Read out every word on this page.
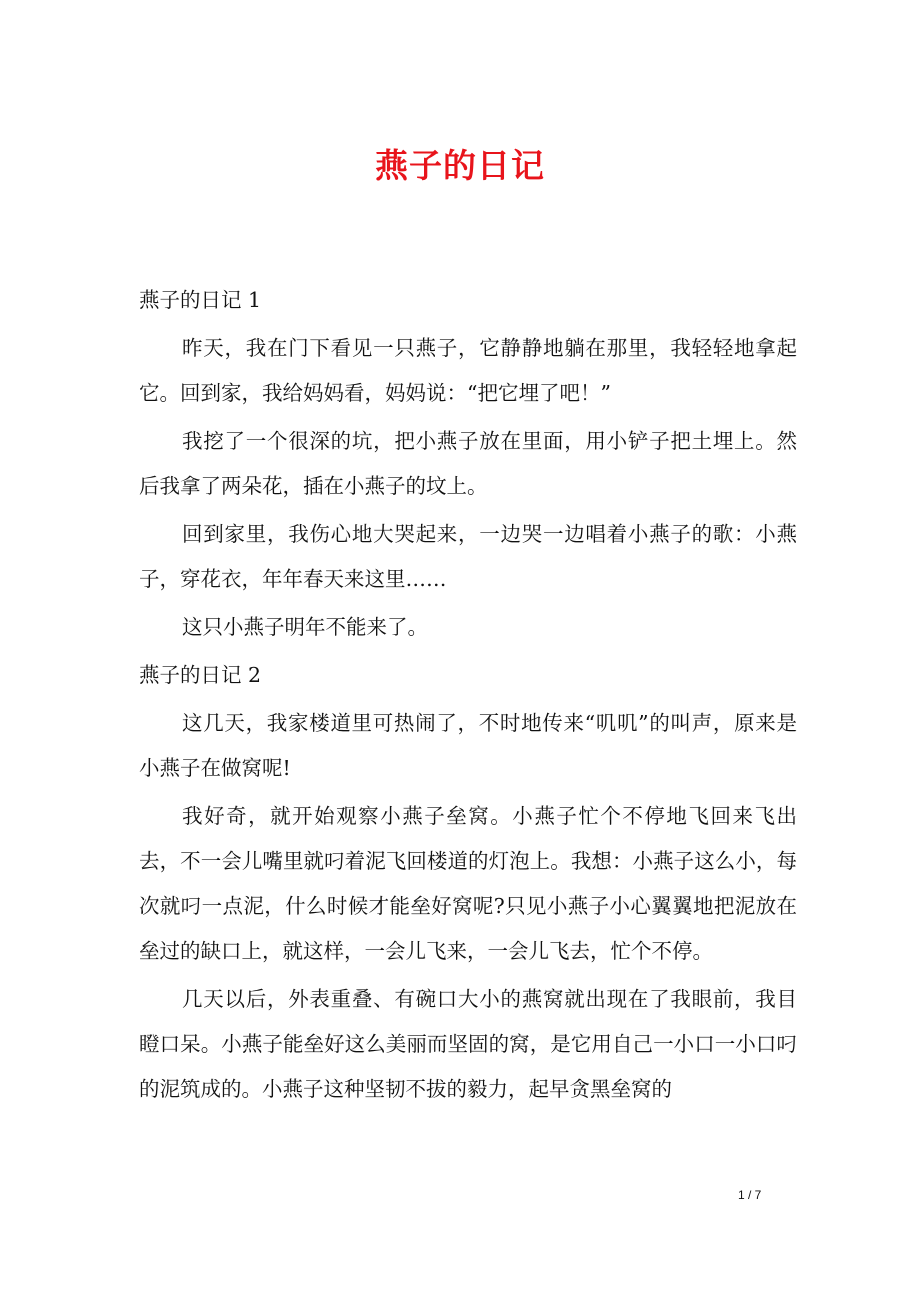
燕子的日记
燕子的日记 1

昨天，我在门下看见一只燕子，它静静地躺在那里，我轻轻地拿起它。回到家，我给妈妈看，妈妈说：“把它埋了吧！”

我挖了一个很深的坑，把小燕子放在里面，用小铲子把土埋上。然后我拿了两朵花，插在小燕子的坟上。

回到家里，我伤心地大哭起来，一边哭一边唱着小燕子的歌：小燕子，穿花衣，年年春天来这里……

这只小燕子明年不能来了。

燕子的日记 2

这几天，我家楼道里可热闹了，不时地传来“叽叽”的叫声，原来是小燕子在做窝呢!

我好奇，就开始观察小燕子垒窝。小燕子忙个不停地飞回来飞出去，不一会儿嘴里就叼着泥飞回楼道的灯泡上。我想：小燕子这么小，每次就叼一点泥，什么时候才能垒好窝呢?只见小燕子小心翼翼地把泥放在垒过的缺口上，就这样，一会儿飞来，一会儿飞去，忙个不停。

几天以后，外表重叠、有碗口大小的燕窝就出现在了我眼前，我目瞪口呆。小燕子能垒好这么美丽而坚固的窝，是它用自己一小口一小口叼的泥筑成的。小燕子这种坚韧不拔的毅力，起早贪黑垒窝的

1 / 7
